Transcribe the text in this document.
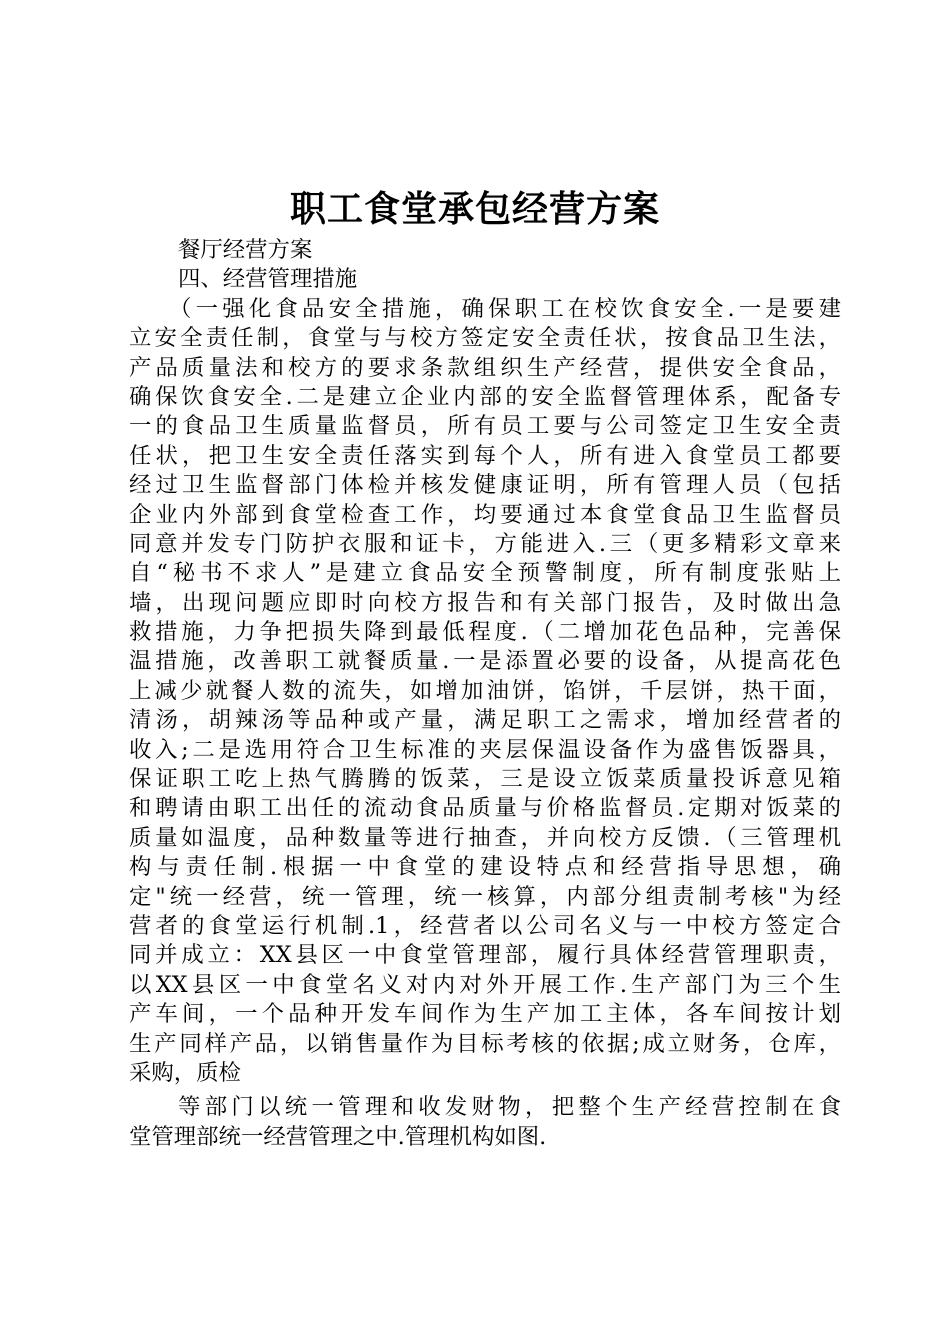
职工食堂承包经营方案
餐厅经营方案
四、经营管理措施
（一强化食品安全措施，确保职工在校饮食安全.一是要建
立安全责任制，食堂与与校方签定安全责任状，按食品卫生法，
产品质量法和校方的要求条款组织生产经营，提供安全食品，
确保饮食安全.二是建立企业内部的安全监督管理体系，配备专
一的食品卫生质量监督员，所有员工要与公司签定卫生安全责
任状，把卫生安全责任落实到每个人，所有进入食堂员工都要
经过卫生监督部门体检并核发健康证明，所有管理人员（包括
企业内外部到食堂检查工作，均要通过本食堂食品卫生监督员
同意并发专门防护衣服和证卡，方能进入.三（更多精彩文章来
自“秘书不求人”是建立食品安全预警制度，所有制度张贴上
墙，出现问题应即时向校方报告和有关部门报告，及时做出急
救措施，力争把损失降到最低程度.（二增加花色品种，完善保
温措施，改善职工就餐质量.一是添置必要的设备，从提高花色
上减少就餐人数的流失，如增加油饼，馅饼，千层饼，热干面，
清汤，胡辣汤等品种或产量，满足职工之需求，增加经营者的
收入;二是选用符合卫生标准的夹层保温设备作为盛售饭器具，
保证职工吃上热气腾腾的饭菜，三是设立饭菜质量投诉意见箱
和聘请由职工出任的流动食品质量与价格监督员.定期对饭菜的
质量如温度，品种数量等进行抽查，并向校方反馈.（三管理机
构与责任制.根据一中食堂的建设特点和经营指导思想，确
定"统一经营，统一管理，统一核算，内部分组责制考核"为经
营者的食堂运行机制.1，经营者以公司名义与一中校方签定合
同并成立：XX县区一中食堂管理部，履行具体经营管理职责，
以XX县区一中食堂名义对内对外开展工作.生产部门为三个生
产车间，一个品种开发车间作为生产加工主体，各车间按计划
生产同样产品，以销售量作为目标考核的依据;成立财务，仓库，
采购，质检
等部门以统一管理和收发财物，把整个生产经营控制在食
堂管理部统一经营管理之中.管理机构如图.
